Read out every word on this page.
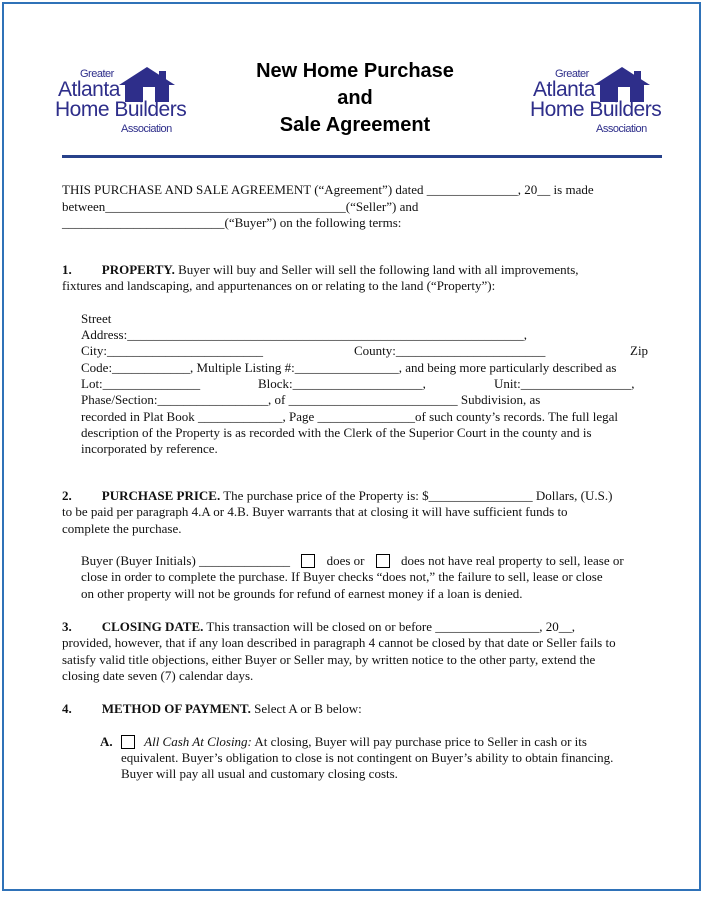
Greater
Atlanta
Home Builders
Association
Greater
Atlanta
Home Builders
Association
New Home Purchase
and
Sale Agreement
THIS PURCHASE AND SALE AGREEMENT (“Agreement”) dated ______________, 20__ is made
between_____________________________________(“Seller”) and
_________________________(“Buyer”) on the following terms:
1. PROPERTY. Buyer will buy and Seller will sell the following land with all improvements,
fixtures and landscaping, and appurtenances on or relating to the land (“Property”):
Street
Address:_____________________________________________________________,
City:________________________	County:_______________________	Zip
Code:____________, Multiple Listing #:________________, and being more particularly described as
Lot:_______________	Block:____________________,	Unit:_________________,
Phase/Section:_________________, of __________________________ Subdivision, as
recorded in Plat Book _____________, Page _______________of such county’s records. The full legal
description of the Property is as recorded with the Clerk of the Superior Court in the county and is
incorporated by reference.
2. PURCHASE PRICE. The purchase price of the Property is: $________________ Dollars, (U.S.)
to be paid per paragraph 4.A or 4.B. Buyer warrants that at closing it will have sufficient funds to
complete the purchase.
Buyer (Buyer Initials) ______________	does or	does not have real property to sell, lease or
close in order to complete the purchase. If Buyer checks “does not,” the failure to sell, lease or close
on other property will not be grounds for refund of earnest money if a loan is denied.
3. CLOSING DATE. This transaction will be closed on or before ________________, 20__,
provided, however, that if any loan described in paragraph 4 cannot be closed by that date or Seller fails to
satisfy valid title objections, either Buyer or Seller may, by written notice to the other party, extend the
closing date seven (7) calendar days.
4. METHOD OF PAYMENT. Select A or B below:
A. All Cash At Closing: At closing, Buyer will pay purchase price to Seller in cash or its
equivalent. Buyer’s obligation to close is not contingent on Buyer’s ability to obtain financing.
Buyer will pay all usual and customary closing costs.
